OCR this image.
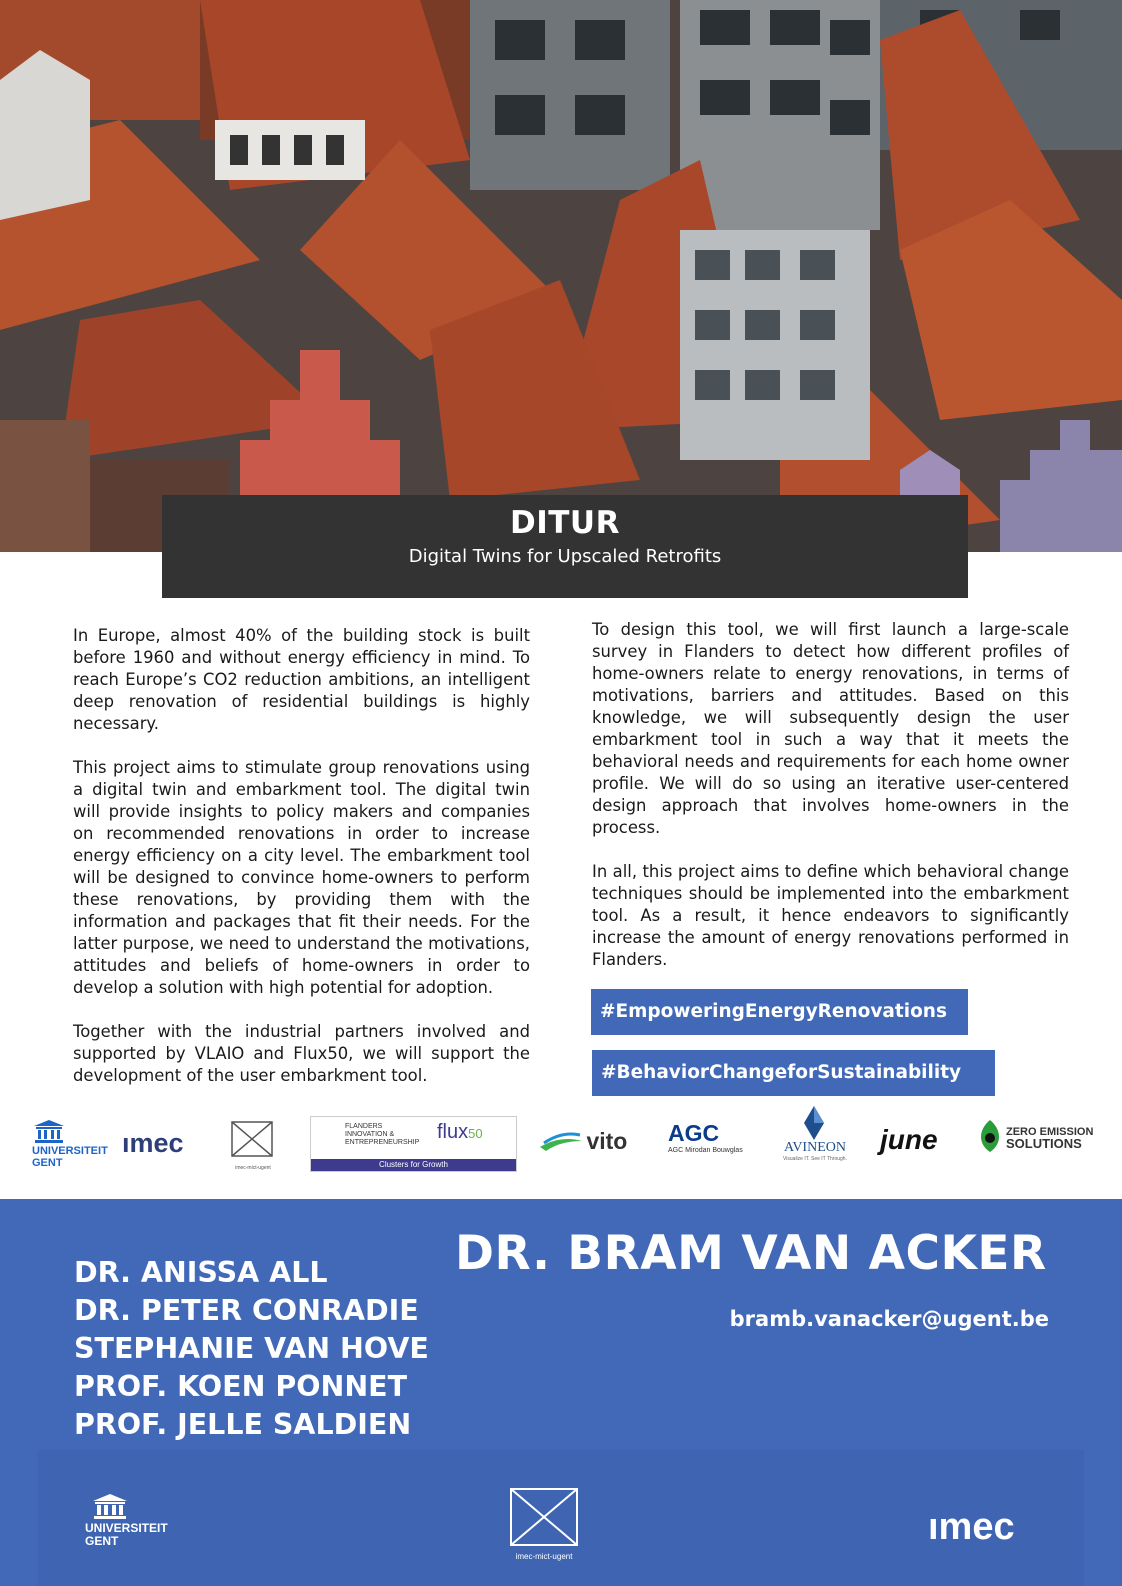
DITUR
Digital Twins for Upscaled Retrofits

In Europe, almost 40% of the building stock is built before 1960 and without energy efficiency in mind. To reach Europe’s CO2 reduction ambitions, an intelligent deep renovation of residential buildings is highly necessary.

This project aims to stimulate group renovations using a digital twin and embarkment tool. The digital twin will provide insights to policy makers and companies on recommended renovations in order to increase energy efficiency on a city level. The embarkment tool will be designed to convince home-owners to perform these renovations, by providing them with the information and packages that fit their needs. For the latter purpose, we need to understand the motivations, attitudes and beliefs of home-owners in order to develop a solution with high potential for adoption.

Together with the industrial partners involved and supported by VLAIO and Flux50, we will support the development of the user embarkment tool.

To design this tool, we will first launch a large-scale survey in Flanders to detect how different profiles of home-owners relate to energy renovations, in terms of motivations, barriers and attitudes. Based on this knowledge, we will subsequently design the user embarkment tool in such a way that it meets the behavioral needs and requirements for each home owner profile. We will do so using an iterative user-centered design approach that involves home-owners in the process.

In all, this project aims to define which behavioral change techniques should be implemented into the embarkment tool. As a result, it hence endeavors to significantly increase the amount of energy renovations performed in Flanders.

#EmpoweringEnergyRenovations
#BehaviorChangeforSustainability
UNIVERSITEIT
GENT
ımec
imec-mict-ugent
FLANDERS
INNOVATION &
ENTREPRENEURSHIP flux50
Clusters for Growth
vito AGC
AGC Mirodan Bouwglas	AVINEON
Visualize IT. See IT Through.
june	ZERO EMISSION
SOLUTIONS
DR. ANISSA ALL
DR. PETER CONRADIE
STEPHANIE VAN HOVE
PROF. KOEN PONNET
PROF. JELLE SALDIEN
DR. BRAM VAN ACKER
bramb.vanacker@ugent.be
UNIVERSITEIT
GENT
imec-mict-ugent
ımec
